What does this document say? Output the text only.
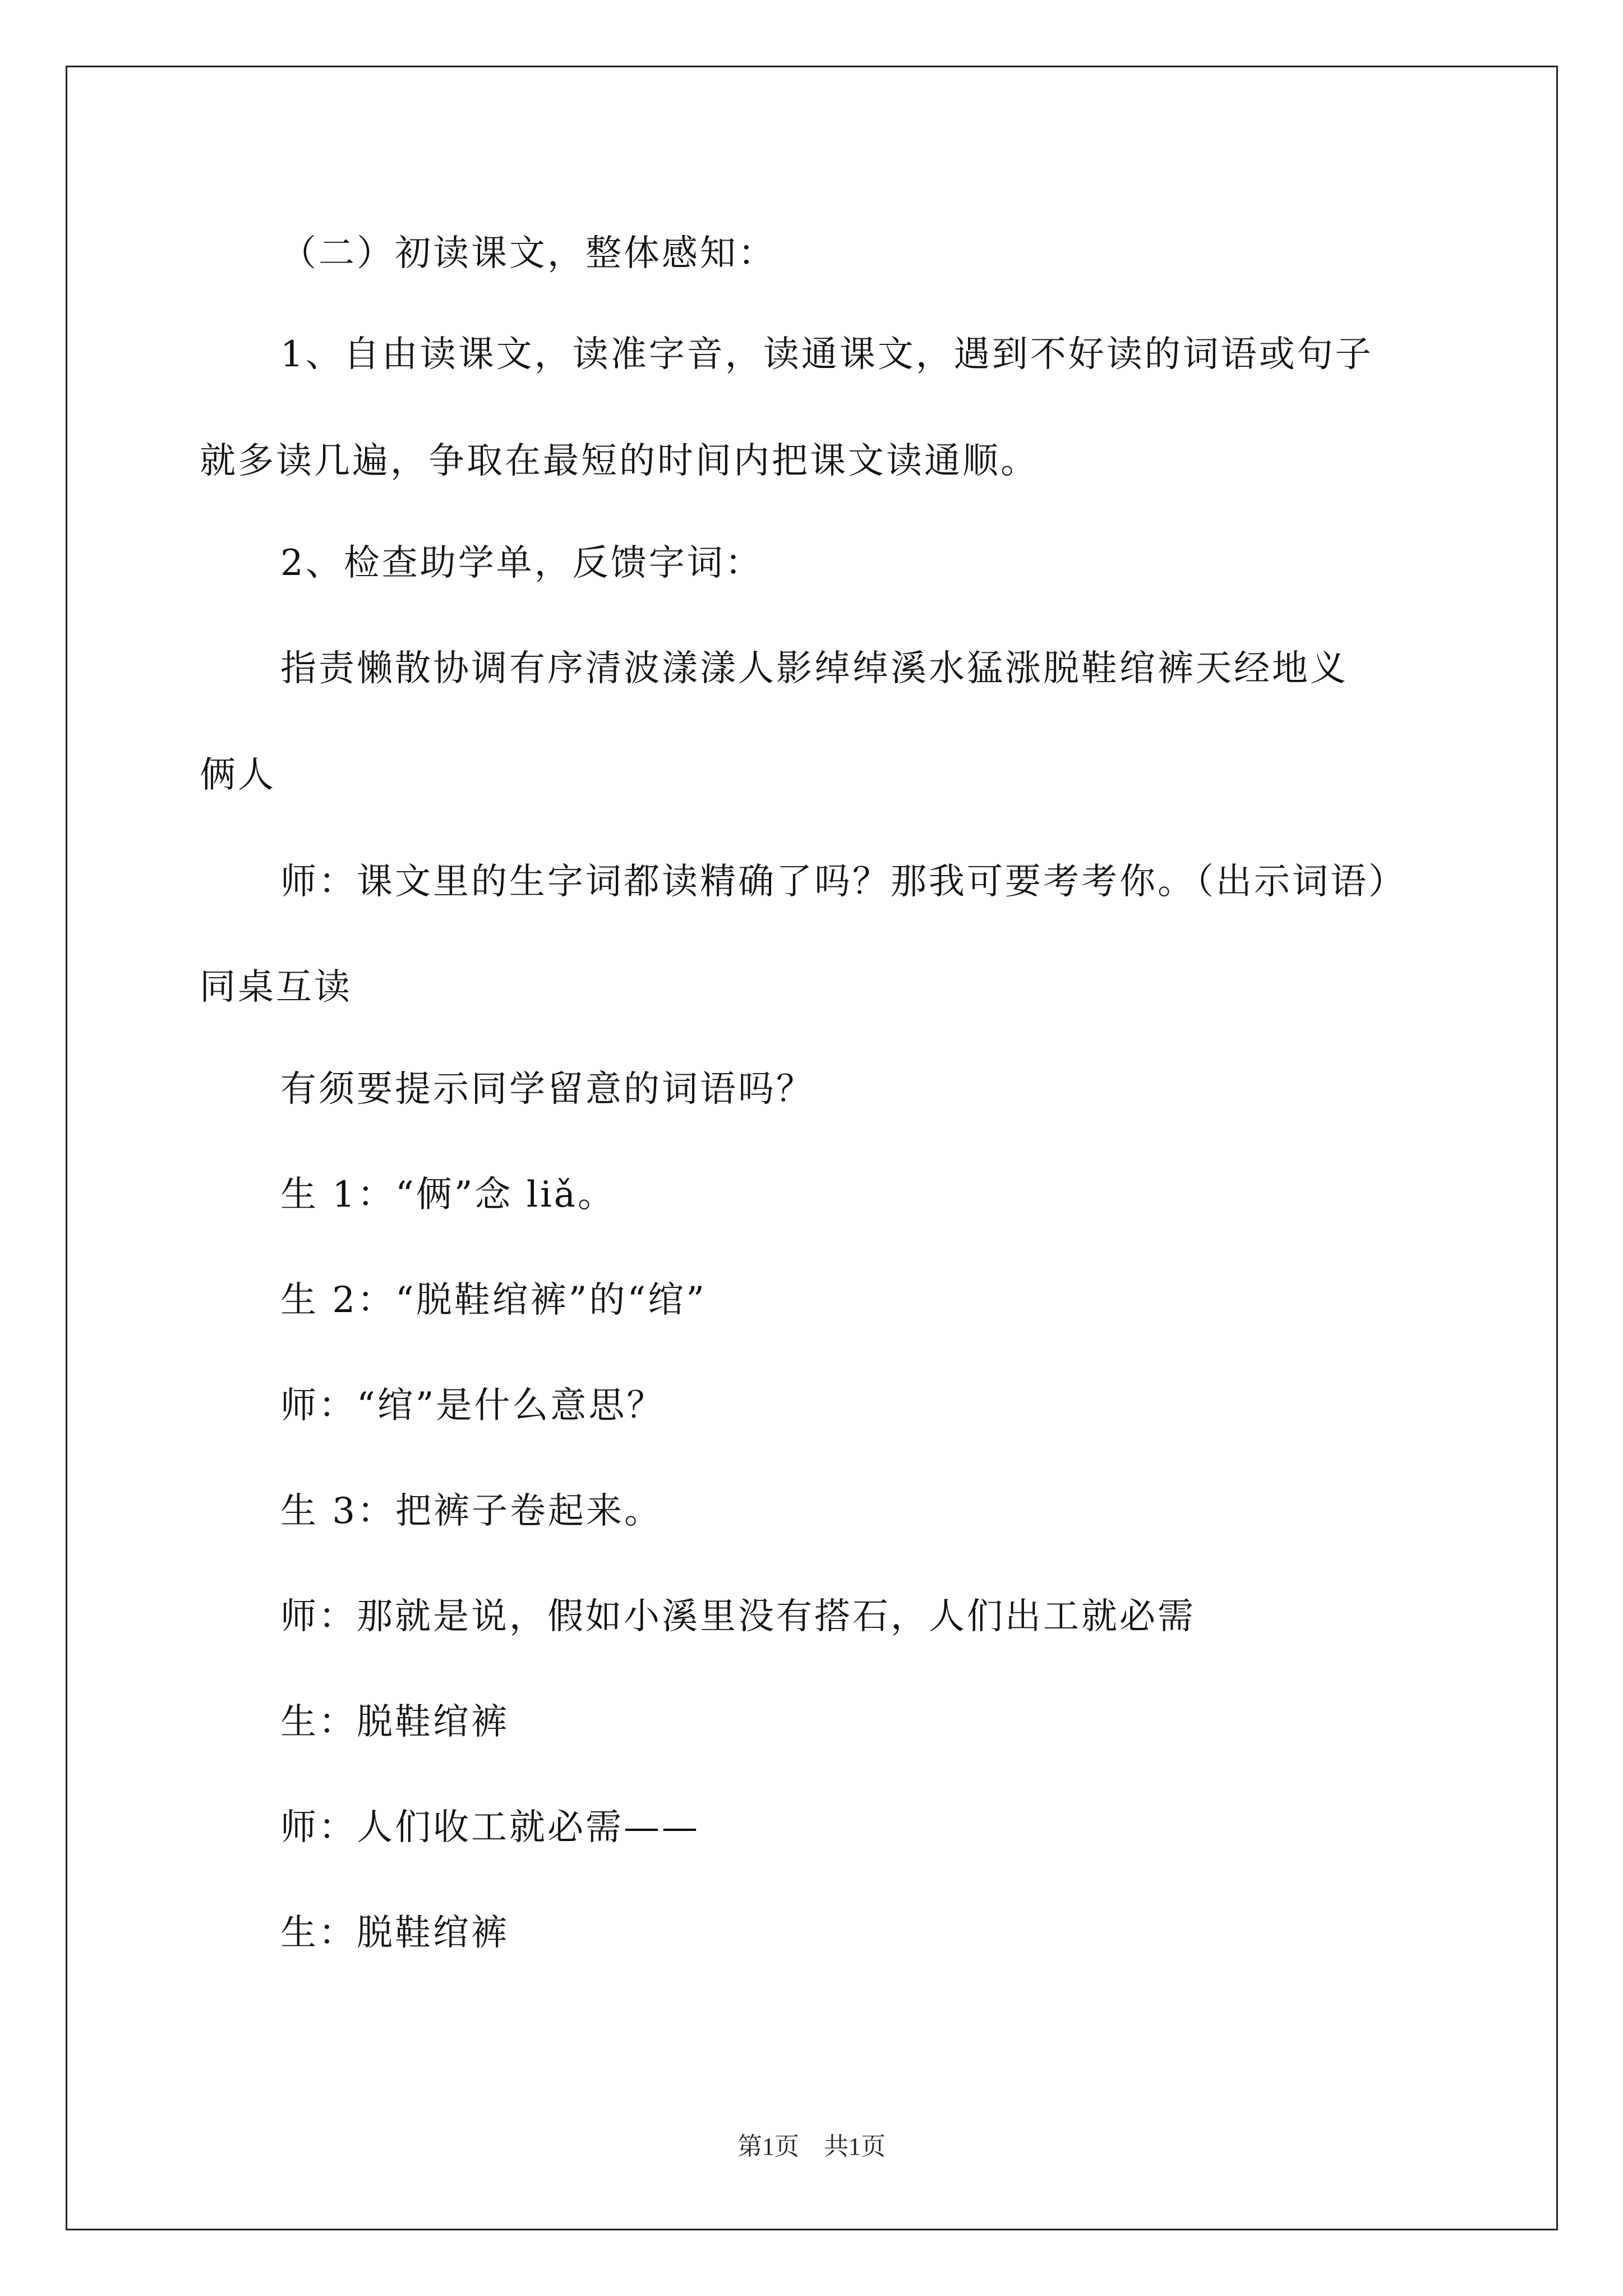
（二）初读课文，整体感知：
1、自由读课文，读准字音，读通课文，遇到不好读的词语或句子
就多读几遍，争取在最短的时间内把课文读通顺。
2、检查助学单，反馈字词：
指责懒散协调有序清波漾漾人影绰绰溪水猛涨脱鞋绾裤天经地义
俩人
师：课文里的生字词都读精确了吗？那我可要考考你。（出示词语）
同桌互读
有须要提示同学留意的词语吗？
生 1：“俩”念 liǎ。
生 2：“脱鞋绾裤”的“绾”
师：“绾”是什么意思？
生 3：把裤子卷起来。
师：那就是说，假如小溪里没有搭石，人们出工就必需
生：脱鞋绾裤
师：人们收工就必需——
生：脱鞋绾裤
第1页　共1页
